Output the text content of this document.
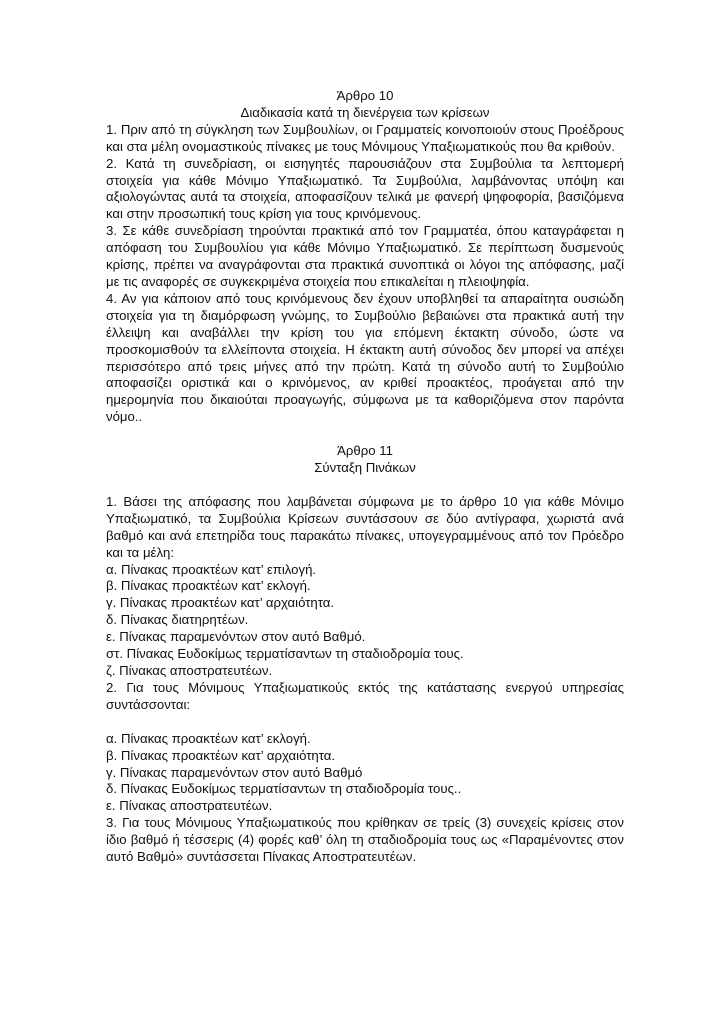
Άρθρο 10

Διαδικασία κατά τη διενέργεια των κρίσεων

1. Πριν από τη σύγκληση των Συμβουλίων, οι Γραμματείς κοινοποιούν στους Προέδρους και στα μέλη ονομαστικούς πίνακες με τους Μόνιμους Υπαξιωματικούς που θα κριθούν.

2. Κατά τη συνεδρίαση, οι εισηγητές παρουσιάζουν στα Συμβούλια τα λεπτομερή στοιχεία για κάθε Μόνιμο Υπαξιωματικό. Τα Συμβούλια, λαμβάνοντας υπόψη και αξιολογώντας αυτά τα στοιχεία, αποφασίζουν τελικά με φανερή ψηφοφορία, βασιζόμενα και στην προσωπική τους κρίση για τους κρινόμενους.

3. Σε κάθε συνεδρίαση τηρούνται πρακτικά από τον Γραμματέα, όπου καταγράφεται η απόφαση του Συμβουλίου για κάθε Μόνιμο Υπαξιωματικό. Σε περίπτωση δυσμενούς κρίσης, πρέπει να αναγράφονται στα πρακτικά συνοπτικά οι λόγοι της απόφασης, μαζί με τις αναφορές σε συγκεκριμένα στοιχεία που επικαλείται η πλειοψηφία.

4. Αν για κάποιον από τους κρινόμενους δεν έχουν υποβληθεί τα απαραίτητα ουσιώδη στοιχεία για τη διαμόρφωση γνώμης, το Συμβούλιο βεβαιώνει στα πρακτικά αυτή την έλλειψη και αναβάλλει την κρίση του για επόμενη έκτακτη σύνοδο, ώστε να προσκομισθούν τα ελλείποντα στοιχεία. Η έκτακτη αυτή σύνοδος δεν μπορεί να απέχει περισσότερο από τρεις μήνες από την πρώτη. Κατά τη σύνοδο αυτή το Συμβούλιο αποφασίζει οριστικά και ο κρινόμενος, αν κριθεί προακτέος, προάγεται από την ημερομηνία που δικαιούται προαγωγής, σύμφωνα με τα καθοριζόμενα στον παρόντα νόμο..

Άρθρο 11

Σύνταξη Πινάκων

1. Βάσει της απόφασης που λαμβάνεται σύμφωνα με το άρθρο 10 για κάθε Μόνιμο Υπαξιωματικό, τα Συμβούλια Κρίσεων συντάσσουν σε δύο αντίγραφα, χωριστά ανά βαθμό και ανά επετηρίδα τους παρακάτω πίνακες, υπογεγραμμένους από τον Πρόεδρο και τα μέλη:

α. Πίνακας προακτέων κατ’ επιλογή.

β. Πίνακας προακτέων κατ’ εκλογή.

γ. Πίνακας προακτέων κατ’ αρχαιότητα.

δ. Πίνακας διατηρητέων.

ε. Πίνακας παραμενόντων στον αυτό Βαθμό.

στ. Πίνακας Ευδοκίμως τερματίσαντων τη σταδιοδρομία τους.

ζ. Πίνακας αποστρατευτέων.

2. Για τους Μόνιμους Υπαξιωματικούς εκτός της κατάστασης ενεργού υπηρεσίας συντάσσονται:

α. Πίνακας προακτέων κατ’ εκλογή.

β. Πίνακας προακτέων κατ’ αρχαιότητα.

γ. Πίνακας παραμενόντων στον αυτό Βαθμό

δ. Πίνακας Ευδοκίμως τερματίσαντων τη σταδιοδρομία τους..

ε. Πίνακας αποστρατευτέων.

3. Για τους Μόνιμους Υπαξιωματικούς που κρίθηκαν σε τρείς (3) συνεχείς κρίσεις στον ίδιο βαθμό ή τέσσερις (4) φορές καθ’ όλη τη σταδιοδρομία τους ως «Παραμένοντες στον αυτό Βαθμό» συντάσσεται Πίνακας Αποστρατευτέων.
